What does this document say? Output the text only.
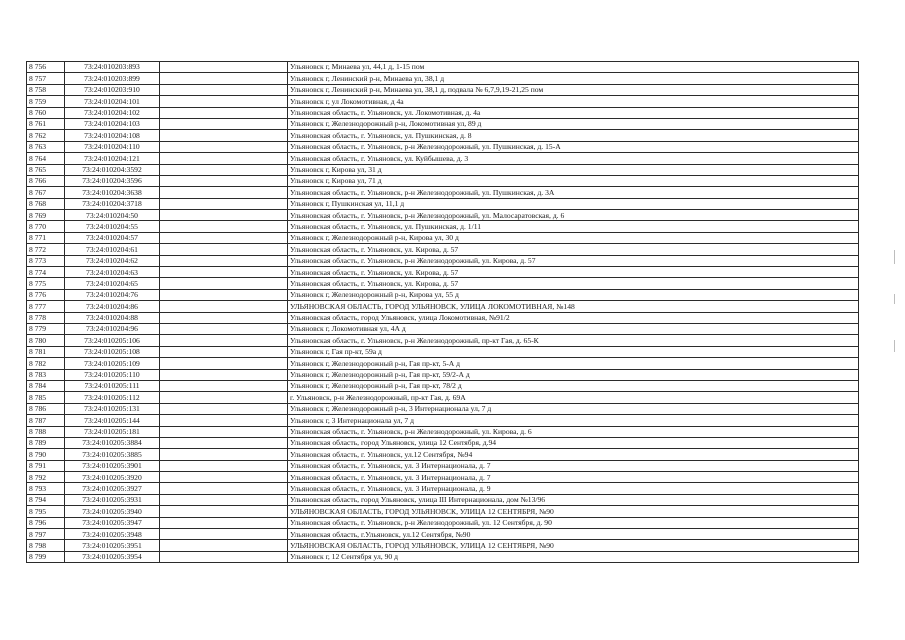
8 756	73:24:010203:893		Ульяновск г, Минаева ул, 44,1 д, 1-15 пом
8 757	73:24:010203:899		Ульяновск г, Ленинский р-н, Минаева ул, 38,1 д
8 758	73:24:010203:910		Ульяновск г, Ленинский р-н, Минаева ул, 38,1 д, подвала № 6,7,9,19-21,25 пом
8 759	73:24:010204:101		Ульяновск г, ул Локомотивная, д 4а
8 760	73:24:010204:102		Ульяновская область, г. Ульяновск, ул. Локомотивная, д. 4а
8 761	73:24:010204:103		Ульяновск г, Железнодорожный р-н, Локомотивная ул, 89 д
8 762	73:24:010204:108		Ульяновская область, г. Ульяновск, ул. Пушкинская, д. 8
8 763	73:24:010204:110		Ульяновская область, г. Ульяновск, р-н Железнодорожный, ул. Пушкинская, д. 15-А
8 764	73:24:010204:121		Ульяновская область, г. Ульяновск, ул. Куйбышева, д. 3
8 765	73:24:010204:3592		Ульяновск г, Кирова ул, 31 д
8 766	73:24:010204:3596		Ульяновск г, Кирова ул, 71 д
8 767	73:24:010204:3638		Ульяновская область, г. Ульяновск, р-н Железнодорожный, ул. Пушкинская, д. 3А
8 768	73:24:010204:3718		Ульяновск г, Пушкинская ул, 11,1 д
8 769	73:24:010204:50		Ульяновская область, г. Ульяновск, р-н Железнодорожный, ул. Малосаратовская, д. 6
8 770	73:24:010204:55		Ульяновская область, г. Ульяновск, ул. Пушкинская, д. 1/11
8 771	73:24:010204:57		Ульяновск г, Железнодорожный р-н, Кирова ул, 30 д
8 772	73:24:010204:61		Ульяновская область, г. Ульяновск, ул. Кирова, д. 57
8 773	73:24:010204:62		Ульяновская область, г. Ульяновск, р-н Железнодорожный, ул. Кирова, д. 57
8 774	73:24:010204:63		Ульяновская область, г. Ульяновск, ул. Кирова, д. 57
8 775	73:24:010204:65		Ульяновская область, г. Ульяновск, ул. Кирова, д. 57
8 776	73:24:010204:76		Ульяновск г, Железнодорожный р-н, Кирова ул, 55 д
8 777	73:24:010204:86		УЛЬЯНОВСКАЯ ОБЛАСТЬ, ГОРОД УЛЬЯНОВСК, УЛИЦА ЛОКОМОТИВНАЯ, №148
8 778	73:24:010204:88		Ульяновская область, город Ульяновск, улица Локомотивная, №91/2
8 779	73:24:010204:96		Ульяновск г, Локомотивная ул, 4А д
8 780	73:24:010205:106		Ульяновская область, г. Ульяновск, р-н Железнодорожный, пр-кт Гая, д. 65-К
8 781	73:24:010205:108		Ульяновск г, Гая пр-кт, 59а д
8 782	73:24:010205:109		Ульяновск г, Железнодорожный р-н, Гая пр-кт, 5-А д
8 783	73:24:010205:110		Ульяновск г, Железнодорожный р-н, Гая пр-кт, 59/2-А д
8 784	73:24:010205:111		Ульяновск г, Железнодорожный р-н, Гая пр-кт, 78/2 д
8 785	73:24:010205:112		г. Ульяновск, р-н Железнодорожный, пр-кт Гая, д. 69А
8 786	73:24:010205:131		Ульяновск г, Железнодорожный р-н, 3 Интернационала ул, 7 д
8 787	73:24:010205:144		Ульяновск г, 3 Интернационала ул, 7 д
8 788	73:24:010205:181		Ульяновская область, г. Ульяновск, р-н Железнодорожный, ул. Кирова, д. 6
8 789	73:24:010205:3884		Ульяновская область, город Ульяновск, улица 12 Сентября, д.94
8 790	73:24:010205:3885		Ульяновская область, г. Ульяновск, ул.12 Сентября, №94
8 791	73:24:010205:3901		Ульяновская область, г. Ульяновск, ул. 3 Интернационала, д. 7
8 792	73:24:010205:3920		Ульяновская область, г. Ульяновск, ул. 3 Интернационала, д. 7
8 793	73:24:010205:3927		Ульяновская область, г. Ульяновск, ул. 3 Интернационала, д. 9
8 794	73:24:010205:3931		Ульяновская область, город Ульяновск, улица III Интернационала, дом №13/96
8 795	73:24:010205:3940		УЛЬЯНОВСКАЯ ОБЛАСТЬ, ГОРОД УЛЬЯНОВСК, УЛИЦА 12 СЕНТЯБРЯ, №90
8 796	73:24:010205:3947		Ульяновская область, г. Ульяновск, р-н Железнодорожный, ул. 12 Сентября, д. 90
8 797	73:24:010205:3948		Ульяновская область, г.Ульяновск, ул.12 Сентября, №90
8 798	73:24:010205:3951		УЛЬЯНОВСКАЯ ОБЛАСТЬ, ГОРОД УЛЬЯНОВСК, УЛИЦА 12 СЕНТЯБРЯ, №90
8 799	73:24:010205:3954		Ульяновск г, 12 Сентября ул, 90 д
